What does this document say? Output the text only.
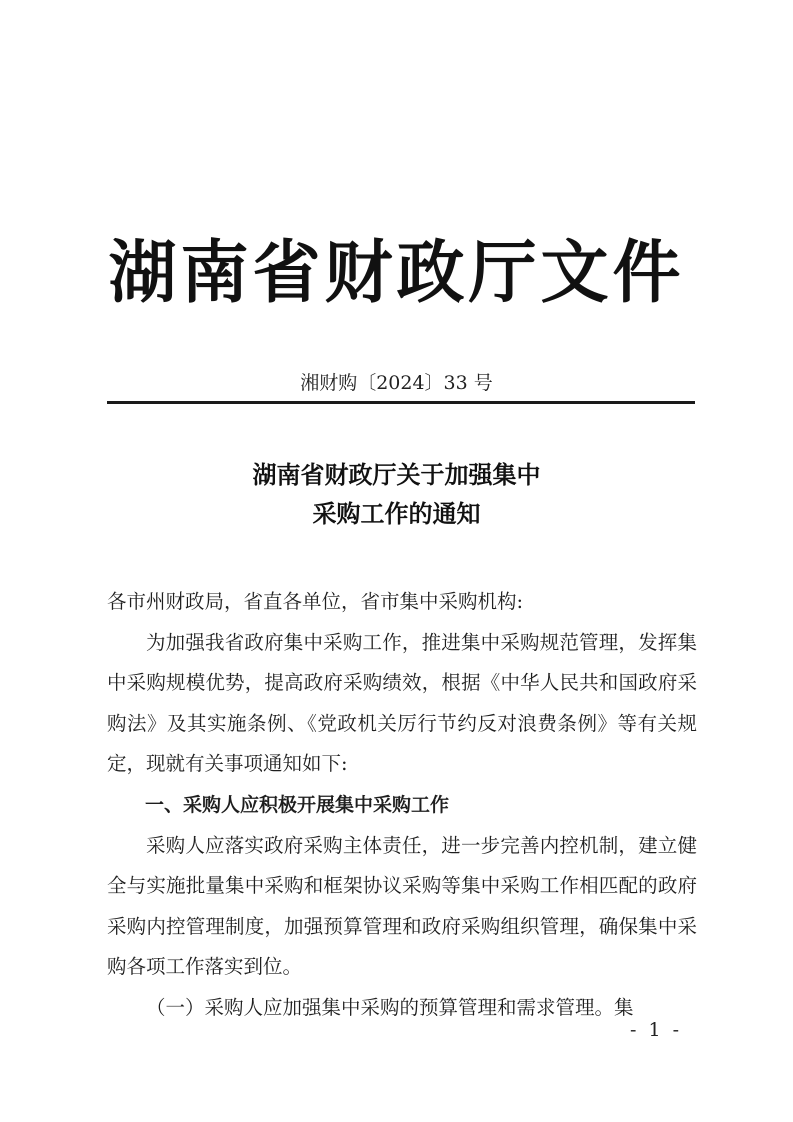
湖南省财政厅文件
湘财购〔2024〕33 号
湖南省财政厅关于加强集中
采购工作的通知

各市州财政局，省直各单位，省市集中采购机构:

为加强我省政府集中采购工作，推进集中采购规范管理，发挥集中采购规模优势，提高政府采购绩效，根据《中华人民共和国政府采购法》及其实施条例、《党政机关厉行节约反对浪费条例》等有关规定，现就有关事项通知如下:

一、采购人应积极开展集中采购工作

采购人应落实政府采购主体责任，进一步完善内控机制，建立健全与实施批量集中采购和框架协议采购等集中采购工作相匹配的政府采购内控管理制度，加强预算管理和政府采购组织管理，确保集中采购各项工作落实到位。

（一）采购人应加强集中采购的预算管理和需求管理。集

- 1 -
